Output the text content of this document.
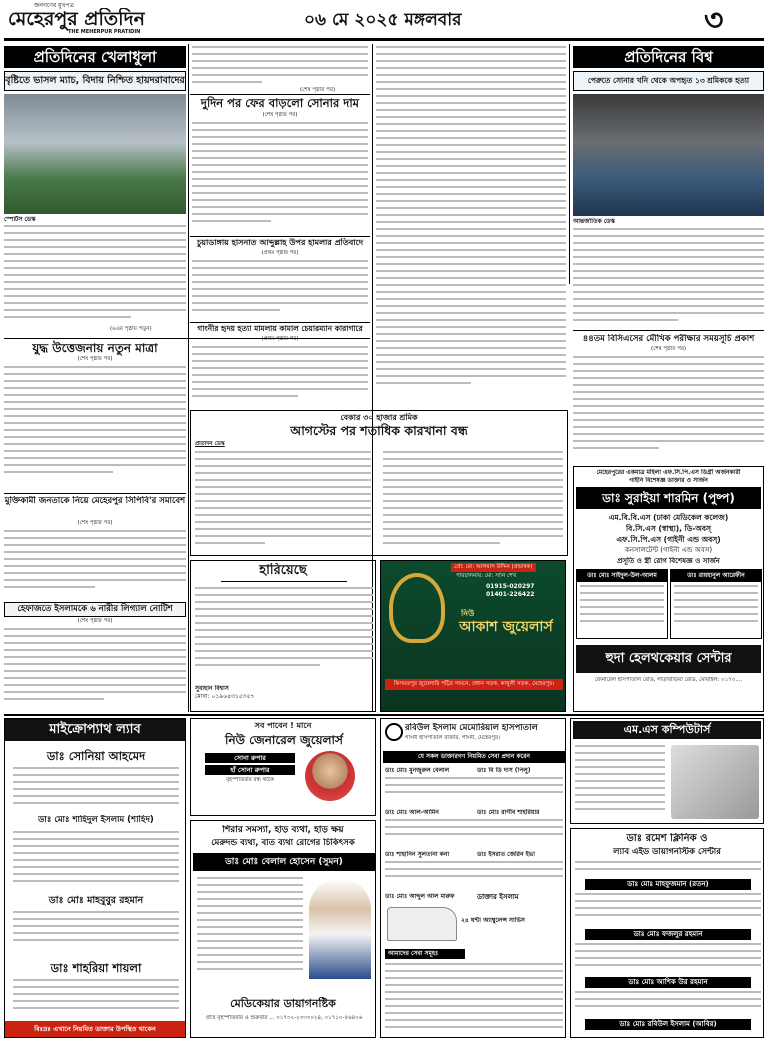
জনগণের মুখপত্র
মেহেরপুর প্রতিদিন
THE MEHERPUR PRATIDIN
০৬ মে ২০২৫ মঙ্গলবার	৩
প্রতিদিনের খেলাধুলা
বৃষ্টিতে ভাসল ম্যাচ, বিদায় নিশ্চিত হায়দরাবাদের
স্পোর্টস ডেস্ক
(৬এর পৃষ্ঠায় পড়ুন)
যুদ্ধ উত্তেজনায় নতুন মাত্রা
(শেষ পৃষ্ঠার পর)
মুক্তিকামী জনতাকে নিয়ে মেহেরপুর সিপিবি'র সমাবেশ
(শেষ পৃষ্ঠার পর)
হেফাজতে ইসলামকে ৬ নারীর লিগ্যাল নোটিশ
(শেষ পৃষ্ঠার পর)
(শেষ পৃষ্ঠার পর)
দুদিন পর ফের বাড়লো সোনার দাম
(শেষ পৃষ্ঠার পর)
চুয়াডাঙ্গায় হাসনাত আব্দুল্লাহ উপর হামলার প্রতিবাদে
(প্রথম পৃষ্ঠার পর)
গাংনীর হৃদয় হত্যা মামলায় কামাল চেয়ারম্যান কারাগারে
(প্রথম পৃষ্ঠার পর)
বেকার ৩০ হাজার শ্রমিক
আগস্টের পর শতাধিক কারখানা বন্ধ
প্রতিদিন ডেস্ক
হারিয়েছে
সুবাহান বিশ্বাস
মোবা: ০১৯৬৪৩১৫৩৫৭
প্রো: মো: আলমাস উদ্দিন (প্রভাষক)
পরিচালনায়: মো: সানি শেখ
01915-020297
01401-226422
নিউ
আকাশ জুয়েলার্স
কিসমতপুর জুয়েলারি পট্টির সামনে, প্রধান সড়ক, কাথুলী সড়ক, মেহেরপুর।
প্রতিদিনের বিশ্ব
পেরুতে সোনার খনি থেকে অপহৃত ১৩ শ্রমিককে হত্যা
আন্তর্জাতিক ডেস্ক
৪৪তম বিসিএসের মৌখিক পরীক্ষার সময়সূচি প্রকাশ
(শেষ পৃষ্ঠার পর)
মেহেরপুরের একমাত্র মহিলা এফ.সি.পি.এস ডিগ্রী অর্জনকারী
গাইনি বিশেষজ্ঞ ডাক্তার ও সার্জন
ডাঃ সুরাইয়া শারমিন (পুষ্প)
এম.বি.বি.এস (ঢাকা মেডিকেল কলেজ)
বি.সি.এস (স্বাস্থ্য), ডি-অবস্
এফ.সি.পি.এস (গাইনী এন্ড অবস্)
কনসালটেন্ট (গাইনী এন্ড অবস)
প্রসূতি ও স্ত্রী রোগ বিশেষজ্ঞ ও সার্জন
ডাঃ মোঃ সাইদুল-উল-আলম	ডাঃ রায়হানুল আরেফীন
হুদা হেলথকেয়ার সেন্টার
জেনারেল হাসপাতাল রোড, গাড়াবাড়িয়া রোড, মোবাইল: ০১৭৩....
মাইক্রোপ্যাথ ল্যাব
ডাঃ সোনিয়া আহমেদ
ডাঃ মোঃ শাহিদুল ইসলাম (শাহিদ)
ডাঃ মোঃ মাহবুবুর রহমান
ডাঃ শাহরিয়া শায়লা
বিঃদ্রঃ এখানে নিয়মিত ডাক্তার উপস্থিত থাকেন
সব পাবেন ! মানে
নিউ জেনারেল জুয়েলার্স
সোনা রুপার
হাঁ সোনা রুপার
বৃহস্পতিবার বন্ধ থাকে
শিরার সমস্যা, হাড় ব্যথা, হাড় ক্ষয়
মেরুদন্ড ব্যথা, বাত ব্যথা রোগের চিকিৎসক
ডাঃ মোঃ বেলাল হোসেন (সুমন)
মেডিকেয়ার ডায়াগনষ্টিক
প্রতি বৃহস্পতিবার ও শুক্রবার ... ০১৭৩২-২৩৩৩০২৪, ০১৭১০-৫৬৪০৬
রবিউল ইসলাম মেমোরিয়াল হাসপাতাল
গাংনী হাসপাতাল বাজার, গাংনী, মেহেরপুর।
যে সকল ডাক্তারগণ নিয়মিত সেবা প্রদান করেন
ডাঃ মোঃ মুনজুরুল বেলাল	ডাঃ বি ডি দাস (পিলু)
ডাঃ মোঃ আল-আমিন	ডাঃ মোঃ রাগীব শাহরিয়ার
ডাঃ শাহানিন সুলতানা কনা	ডাঃ ইসরাত জেরিন ইভা
ডাঃ মোঃ আব্দুল আল মারুফ	ডাক্তার ইসলাম
২৪ ঘন্টা অ্যাম্বুলেন্স সার্ভিস
আমাদের সেবা সমূহঃ
এম.এস কম্পিউটার্স
ডাঃ রমেশ ক্লিনিক ও
ল্যাব এইড ডায়াগনস্টিক সেন্টার
ডাঃ মোঃ মাহফুজমান (রতন)
ডাঃ মোঃ ফজলুর রহমান
ডাঃ মোঃ আশিক উর রহমান
ডাঃ মোঃ রবিউল ইসলাম (আবির)
